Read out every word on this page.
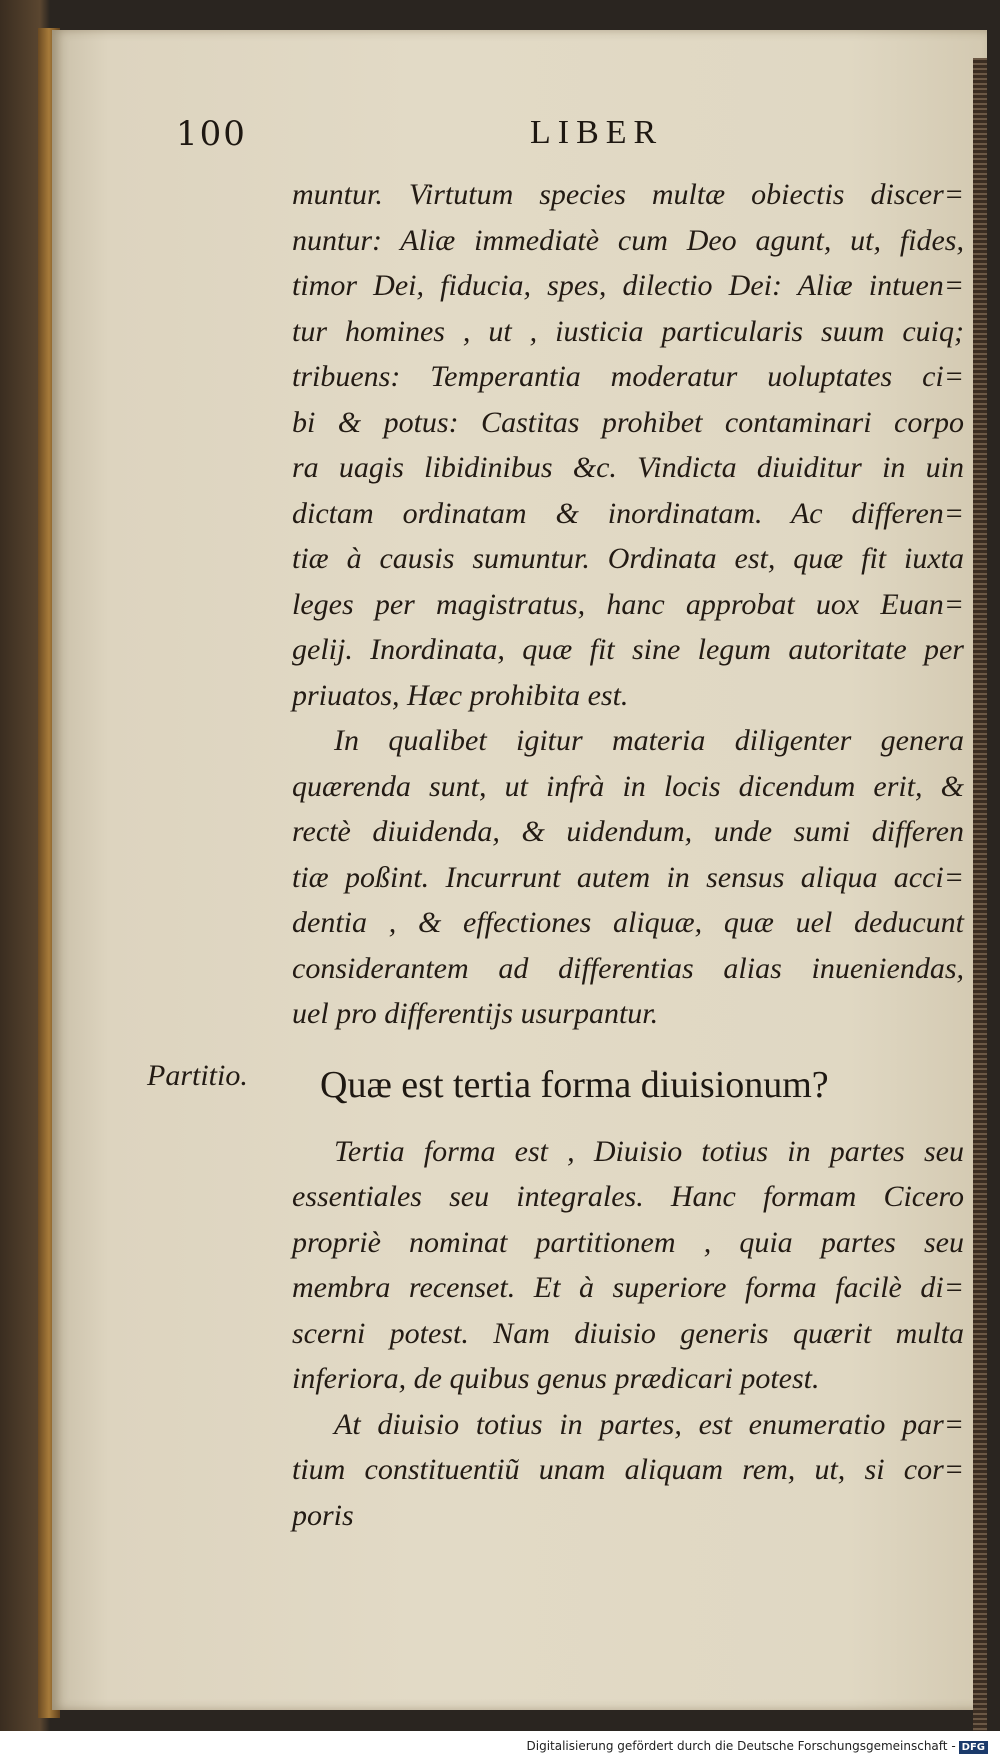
100	LIBER
Partitio.

muntur. Virtutum species multæ obiectis discer=

nuntur: Aliæ immediatè cum Deo agunt, ut, fides,

timor Dei, fiducia, spes, dilectio Dei: Aliæ intuen=

tur homines , ut , iusticia particularis suum cuiq;

tribuens: Temperantia moderatur uoluptates ci=

bi & potus: Castitas prohibet contaminari corpo

ra uagis libidinibus &c. Vindicta diuiditur in uin

dictam ordinatam & inordinatam. Ac differen=

tiæ à causis sumuntur. Ordinata est, quæ fit iuxta

leges per magistratus, hanc approbat uox Euan=

gelij. Inordinata, quæ fit sine legum autoritate per

priuatos, Hæc prohibita est.

In qualibet igitur materia diligenter genera

quærenda sunt, ut infrà in locis dicendum erit, &

rectè diuidenda, & uidendum, unde sumi differen

tiæ poßint. Incurrunt autem in sensus aliqua acci=

dentia , & effectiones aliquæ, quæ uel deducunt

considerantem ad differentias alias inueniendas,

uel pro differentijs usurpantur.

Quæ est tertia forma diuisionum?

Tertia forma est , Diuisio totius in partes seu

essentiales seu integrales. Hanc formam Cicero

propriè nominat partitionem , quia partes seu

membra recenset. Et à superiore forma facilè di=

scerni potest. Nam diuisio generis quærit multa

inferiora, de quibus genus prædicari potest.

At diuisio totius in partes, est enumeratio par=

tium constituentiũ unam aliquam rem, ut, si cor=

poris

Digitalisierung gefördert durch die Deutsche Forschungsgemeinschaft - DFG
